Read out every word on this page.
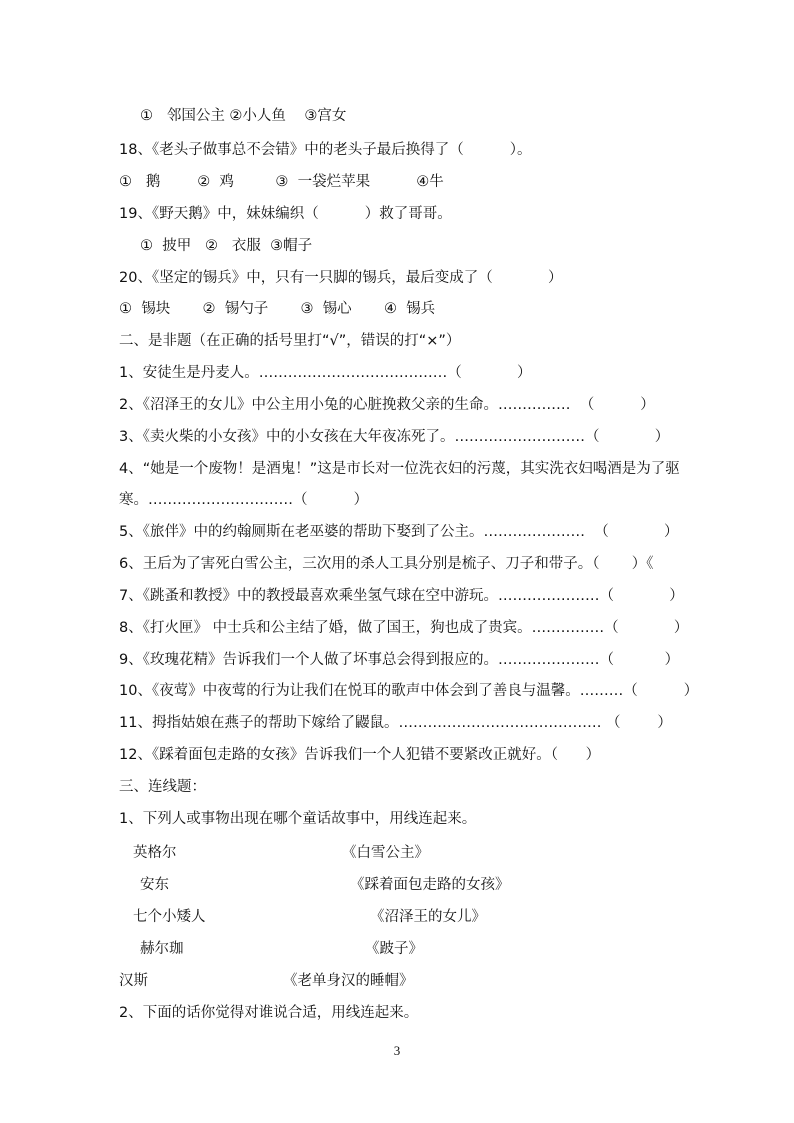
①   邻国公主 ②小人鱼    ③宫女
18、《老头子做事总不会错》中的老头子最后换得了（          ）。
①   鹅        ②  鸡         ③  一袋烂苹果          ④牛
19、《野天鹅》中，妹妹编织（          ）救了哥哥。
①  披甲   ②   衣服  ③帽子
20、《坚定的锡兵》中，只有一只脚的锡兵，最后变成了（            ）
①  锡块       ②  锡勺子       ③  锡心       ④  锡兵
二、是非题（在正确的括号里打“√”，错误的打“×”）
1、安徒生是丹麦人。…………………………………（            ）
2、《沼泽王的女儿》中公主用小兔的心脏挽救父亲的生命。……………  （          ）
3、《卖火柴的小女孩》中的小女孩在大年夜冻死了。………………………（            ）
4、“她是一个废物！是酒鬼！”这是市长对一位洗衣妇的污蔑，其实洗衣妇喝酒是为了驱
寒。…………………………（          ）
5、《旅伴》中的约翰厕斯在老巫婆的帮助下娶到了公主。…………………  （            ）
6、王后为了害死白雪公主，三次用的杀人工具分别是梳子、刀子和带子。（       ）《
7、《跳蚤和教授》中的教授最喜欢乘坐氢气球在空中游玩。…………………（            ）
8、《打火匣》 中士兵和公主结了婚，做了国王，狗也成了贵宾。……………（            ）
9、《玫瑰花精》告诉我们一个人做了坏事总会得到报应的。…………………（           ）
10、《夜莺》中夜莺的行为让我们在悦耳的歌声中体会到了善良与温馨。………（          ）
11、拇指姑娘在燕子的帮助下嫁给了鼹鼠。…………………………………… （        ）
12、《踩着面包走路的女孩》告诉我们一个人犯错不要紧改正就好。（      ）
三、连线题：
1、下列人或事物出现在哪个童话故事中，用线连起来。
英格尔	《白雪公主》
安东	《踩着面包走路的女孩》
七个小矮人	《沼泽王的女儿》
赫尔珈	《跛子》
汉斯	《老单身汉的睡帽》
2、下面的话你觉得对谁说合适，用线连起来。
3
